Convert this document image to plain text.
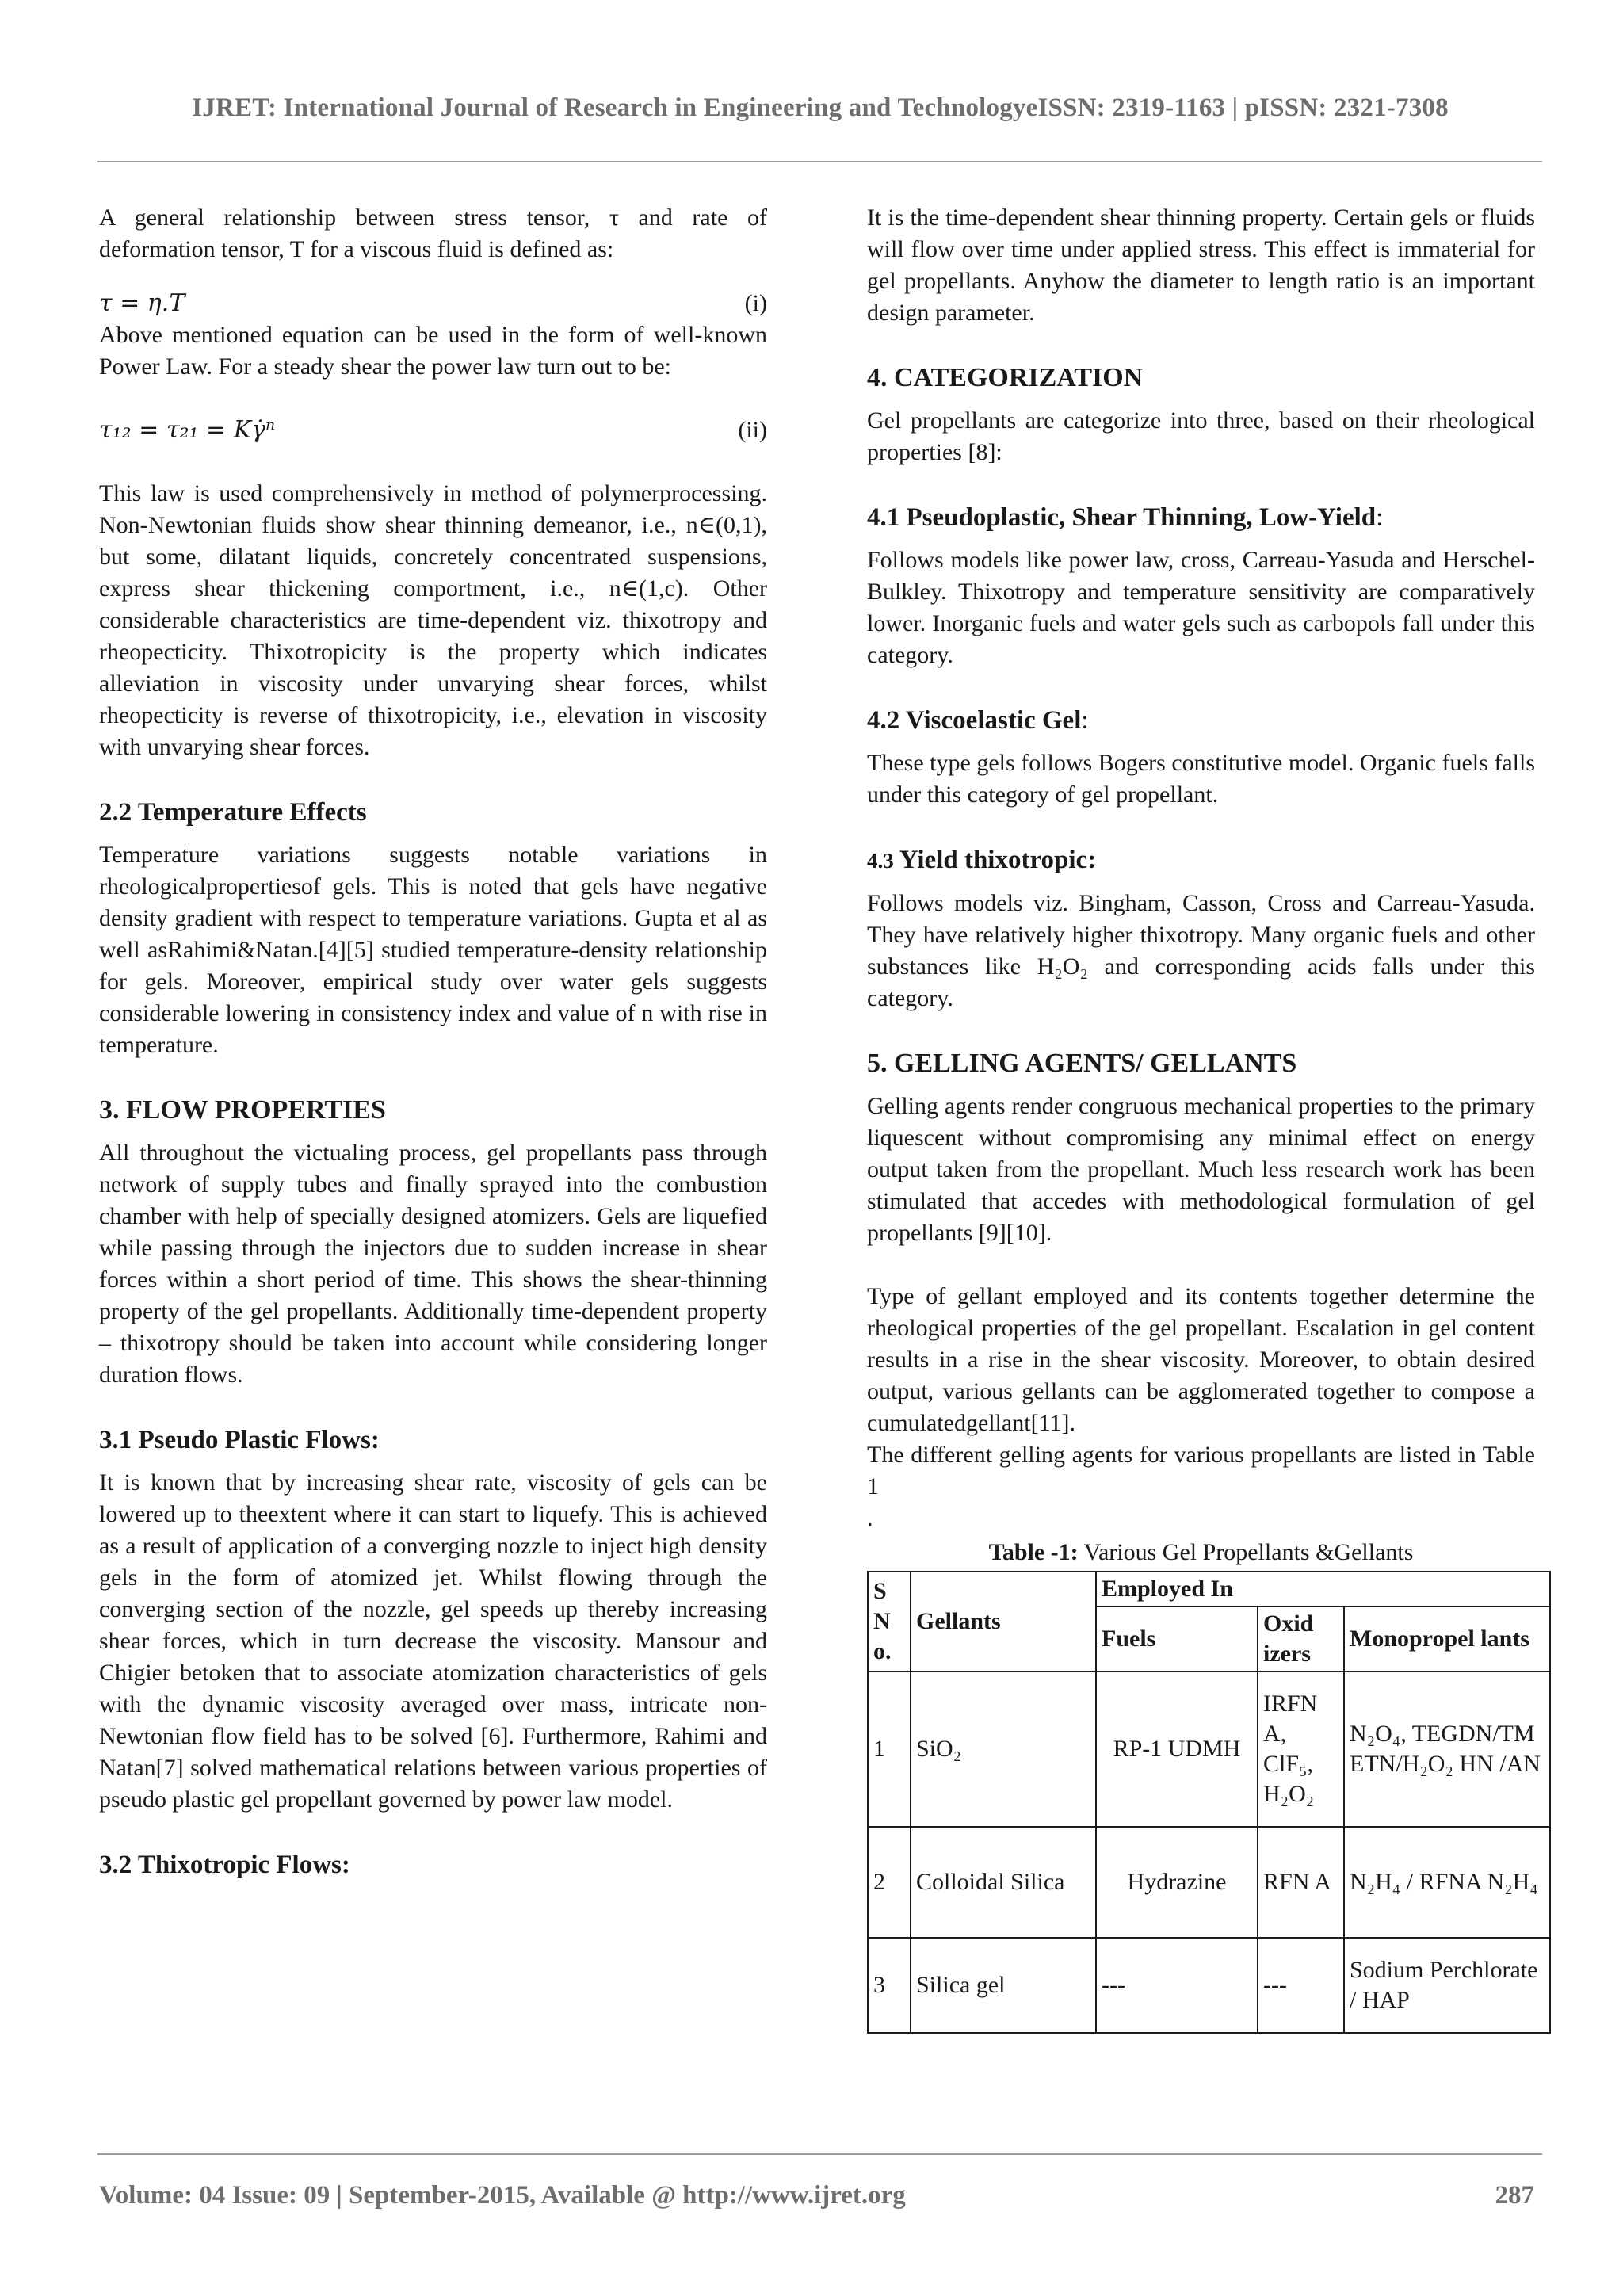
IJRET: International Journal of Research in Engineering and TechnologyeISSN: 2319-1163 | pISSN: 2321-7308

A general relationship between stress tensor, τ and rate of deformation tensor, T for a viscous fluid is defined as:

τ = η.T	(i)

Above mentioned equation can be used in the form of well-known Power Law. For a steady shear the power law turn out to be:

τ₁₂ = τ₂₁ = Kγ̇ⁿ	(ii)

This law is used comprehensively in method of polymerprocessing. Non-Newtonian fluids show shear thinning demeanor, i.e., n∈(0,1), but some, dilatant liquids, concretely concentrated suspensions, express shear thickening comportment, i.e., n∈(1,c). Other considerable characteristics are time-dependent viz. thixotropy and rheopecticity. Thixotropicity is the property which indicates alleviation in viscosity under unvarying shear forces, whilst rheopecticity is reverse of thixotropicity, i.e., elevation in viscosity with unvarying shear forces.

2.2 Temperature Effects

Temperature variations suggests notable variations in rheologicalpropertiesof gels. This is noted that gels have negative density gradient with respect to temperature variations. Gupta et al as well asRahimi&Natan.[4][5] studied temperature-density relationship for gels. Moreover, empirical study over water gels suggests considerable lowering in consistency index and value of n with rise in temperature.

3. FLOW PROPERTIES

All throughout the victualing process, gel propellants pass through network of supply tubes and finally sprayed into the combustion chamber with help of specially designed atomizers. Gels are liquefied while passing through the injectors due to sudden increase in shear forces within a short period of time. This shows the shear-thinning property of the gel propellants. Additionally time-dependent property – thixotropy should be taken into account while considering longer duration flows.

3.1 Pseudo Plastic Flows:

It is known that by increasing shear rate, viscosity of gels can be lowered up to theextent where it can start to liquefy. This is achieved as a result of application of a converging nozzle to inject high density gels in the form of atomized jet. Whilst flowing through the converging section of the nozzle, gel speeds up thereby increasing shear forces, which in turn decrease the viscosity. Mansour and Chigier betoken that to associate atomization characteristics of gels with the dynamic viscosity averaged over mass, intricate non-Newtonian flow field has to be solved [6]. Furthermore, Rahimi and Natan[7] solved mathematical relations between various properties of pseudo plastic gel propellant governed by power law model.

3.2 Thixotropic Flows:

It is the time-dependent shear thinning property. Certain gels or fluids will flow over time under applied stress. This effect is immaterial for gel propellants. Anyhow the diameter to length ratio is an important design parameter.

4. CATEGORIZATION

Gel propellants are categorize into three, based on their rheological properties [8]:

4.1 Pseudoplastic, Shear Thinning, Low-Yield:

Follows models like power law, cross, Carreau-Yasuda and Herschel-Bulkley. Thixotropy and temperature sensitivity are comparatively lower. Inorganic fuels and water gels such as carbopols fall under this category.

4.2 Viscoelastic Gel:

These type gels follows Bogers constitutive model. Organic fuels falls under this category of gel propellant.

4.3 Yield thixotropic:

Follows models viz. Bingham, Casson, Cross and Carreau-Yasuda. They have relatively higher thixotropy. Many organic fuels and other substances like H₂O₂ and corresponding acids falls under this category.

5. GELLING AGENTS/ GELLANTS

Gelling agents render congruous mechanical properties to the primary liquescent without compromising any minimal effect on energy output taken from the propellant. Much less research work has been stimulated that accedes with methodological formulation of gel propellants [9][10].

Type of gellant employed and its contents together determine the rheological properties of the gel propellant. Escalation in gel content results in a rise in the shear viscosity. Moreover, to obtain desired output, various gellants can be agglomerated together to compose a cumulatedgellant[11].

The different gelling agents for various propellants are listed in Table 1

.

Table -1: Various Gel Propellants &Gellants
S N o.	Gellants	Employed In		
		Fuels	Oxid izers	Monopropel lants
1	SiO₂	RP-1 UDMH	IRFN A, ClF₅, H₂O₂	N₂O₄, TEGDN/TM ETN/H₂O₂ HN /AN
2	Colloidal Silica	Hydrazine	RFN A	N₂H₄ / RFNA N₂H₄
3	Silica gel	---	---	Sodium Perchlorate / HAP
Volume: 04 Issue: 09 | September-2015, Available @ http://www.ijret.org	287
